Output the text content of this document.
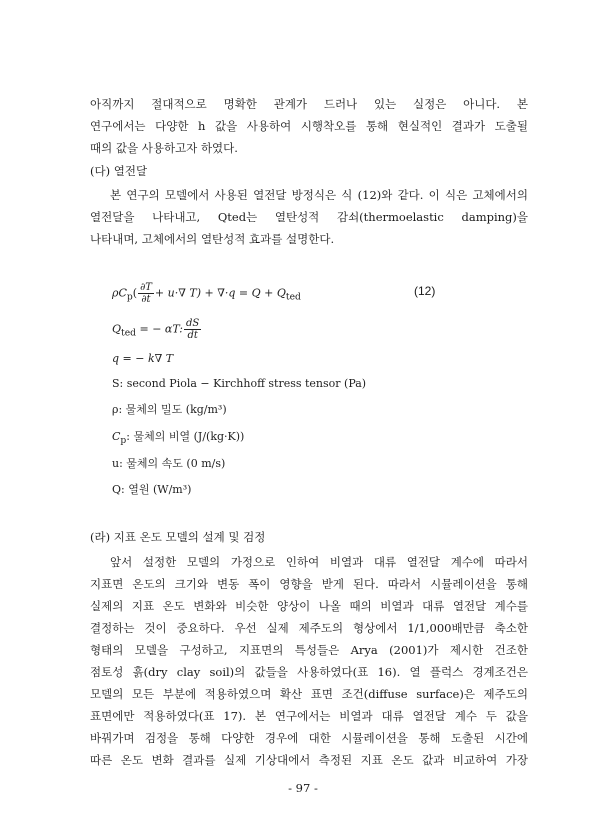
아직까지 절대적으로 명확한 관계가 드러나 있는 실정은 아니다. 본
연구에서는 다양한 h 값을 사용하여 시행착오를 통해 현실적인 결과가 도출될
때의 값을 사용하고자 하였다.
(다) 열전달
본 연구의 모델에서 사용된 열전달 방정식은 식 (12)와 같다. 이 식은 고체에서의
열전달을 나타내고, Qted는 열탄성적 감쇠(thermoelastic damping)을
나타내며, 고체에서의 열탄성적 효과를 설명한다.
$\rho C_p( \frac{\partial T}{\partial t} + u\cdot\nabla$ $T) + \nabla\cdot q = Q + Q_{ted}$	(12)
$Q_{ted}$ = − αT: $\frac{dS}{dt}$
q = − k∇ T
S: second Piola − Kirchhoff stress tensor (Pa)
ρ: 물체의 밀도 (kg/m³)
$C_p$: 물체의 비열 (J/(kg·K))
u: 물체의 속도 (0 m/s)
Q: 열원 (W/m³)
(라) 지표 온도 모델의 설계 및 검정
앞서 설정한 모델의 가정으로 인하여 비열과 대류 열전달 계수에 따라서
지표면 온도의 크기와 변동 폭이 영향을 받게 된다. 따라서 시뮬레이션을 통해
실제의 지표 온도 변화와 비슷한 양상이 나올 때의 비열과 대류 열전달 계수를
결정하는 것이 중요하다. 우선 실제 제주도의 형상에서 1/1,000배만큼 축소한
형태의 모델을 구성하고, 지표면의 특성들은 Arya (2001)가 제시한 건조한
점토성 흙(dry clay soil)의 값들을 사용하였다(표 16). 열 플럭스 경계조건은
모델의 모든 부분에 적용하였으며 확산 표면 조건(diffuse surface)은 제주도의
표면에만 적용하였다(표 17). 본 연구에서는 비열과 대류 열전달 계수 두 값을
바꿔가며 검정을 통해 다양한 경우에 대한 시뮬레이션을 통해 도출된 시간에
따른 온도 변화 결과를 실제 기상대에서 측정된 지표 온도 값과 비교하여 가장
- 97 -
